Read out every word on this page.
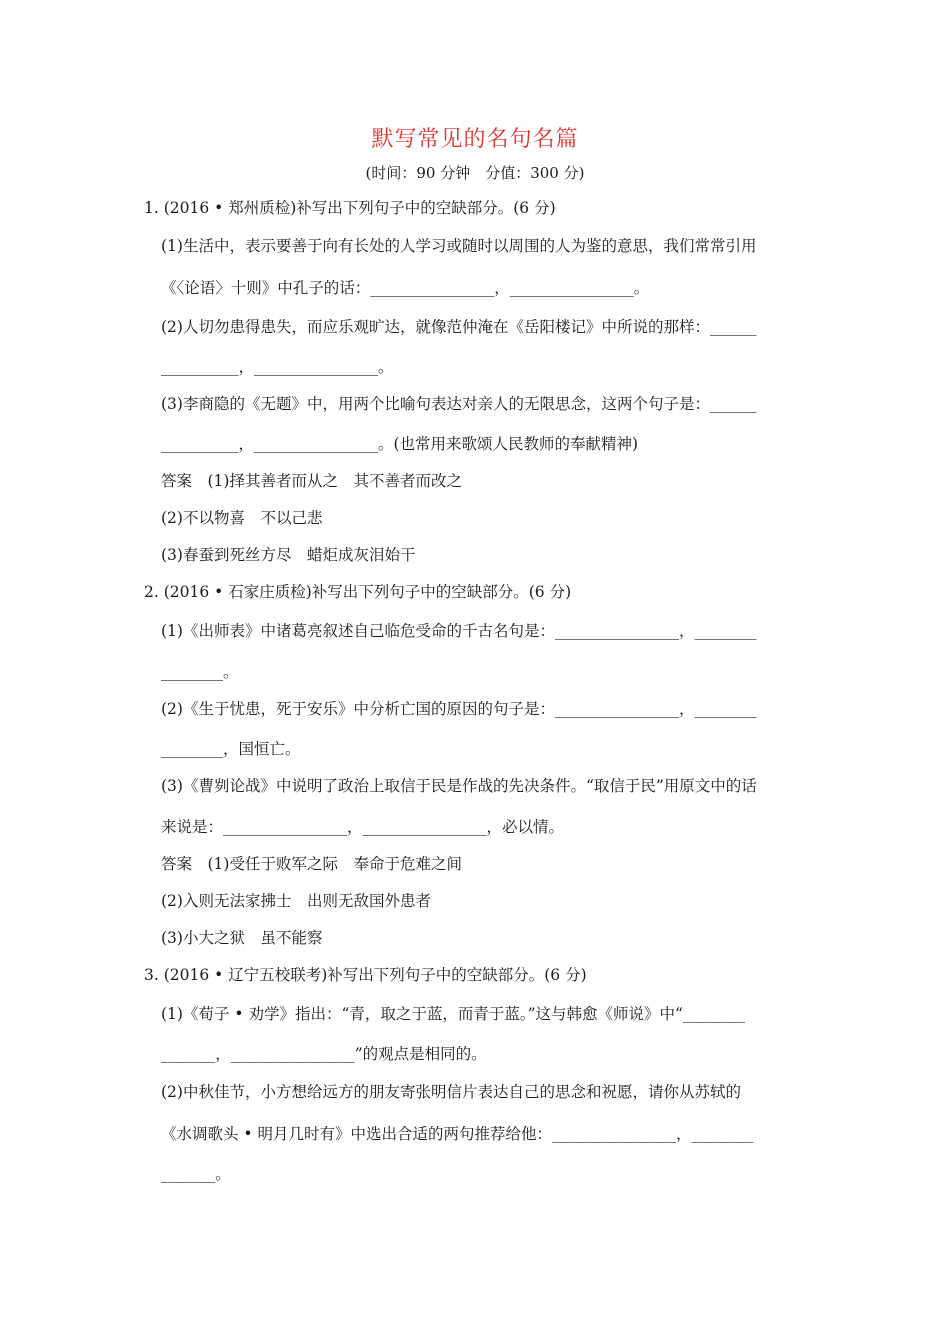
默写常见的名句名篇
(时间：90 分钟　分值：300 分)
1. (2016 • 郑州质检)补写出下列句子中的空缺部分。(6 分)
(1)生活中，表示要善于向有长处的人学习或随时以周围的人为鉴的意思，我们常常引用
《〈论语〉十则》中孔子的话：________________，________________。
(2)人切勿患得患失，而应乐观旷达，就像范仲淹在《岳阳楼记》中所说的那样：______
__________，________________。
(3)李商隐的《无题》中，用两个比喻句表达对亲人的无限思念，这两个句子是：______
__________，________________。(也常用来歌颂人民教师的奉献精神)
答案　(1)择其善者而从之　其不善者而改之
(2)不以物喜　不以己悲
(3)春蚕到死丝方尽　蜡炬成灰泪始干
2. (2016 • 石家庄质检)补写出下列句子中的空缺部分。(6 分)
(1)《出师表》中诸葛亮叙述自己临危受命的千古名句是：________________，________
________。
(2)《生于忧患，死于安乐》中分析亡国的原因的句子是：________________，________
________，国恒亡。
(3)《曹刿论战》中说明了政治上取信于民是作战的先决条件。“取信于民”用原文中的话
来说是：________________，________________，必以情。
答案　(1)受任于败军之际　奉命于危难之间
(2)入则无法家拂士　出则无敌国外患者
(3)小大之狱　虽不能察
3. (2016 • 辽宁五校联考)补写出下列句子中的空缺部分。(6 分)
(1)《荀子 • 劝学》指出：“青，取之于蓝，而青于蓝。”这与韩愈《师说》中“________
_______，________________”的观点是相同的。
(2)中秋佳节，小方想给远方的朋友寄张明信片表达自己的思念和祝愿，请你从苏轼的
《水调歌头 • 明月几时有》中选出合适的两句推荐给他：________________，________
_______。
